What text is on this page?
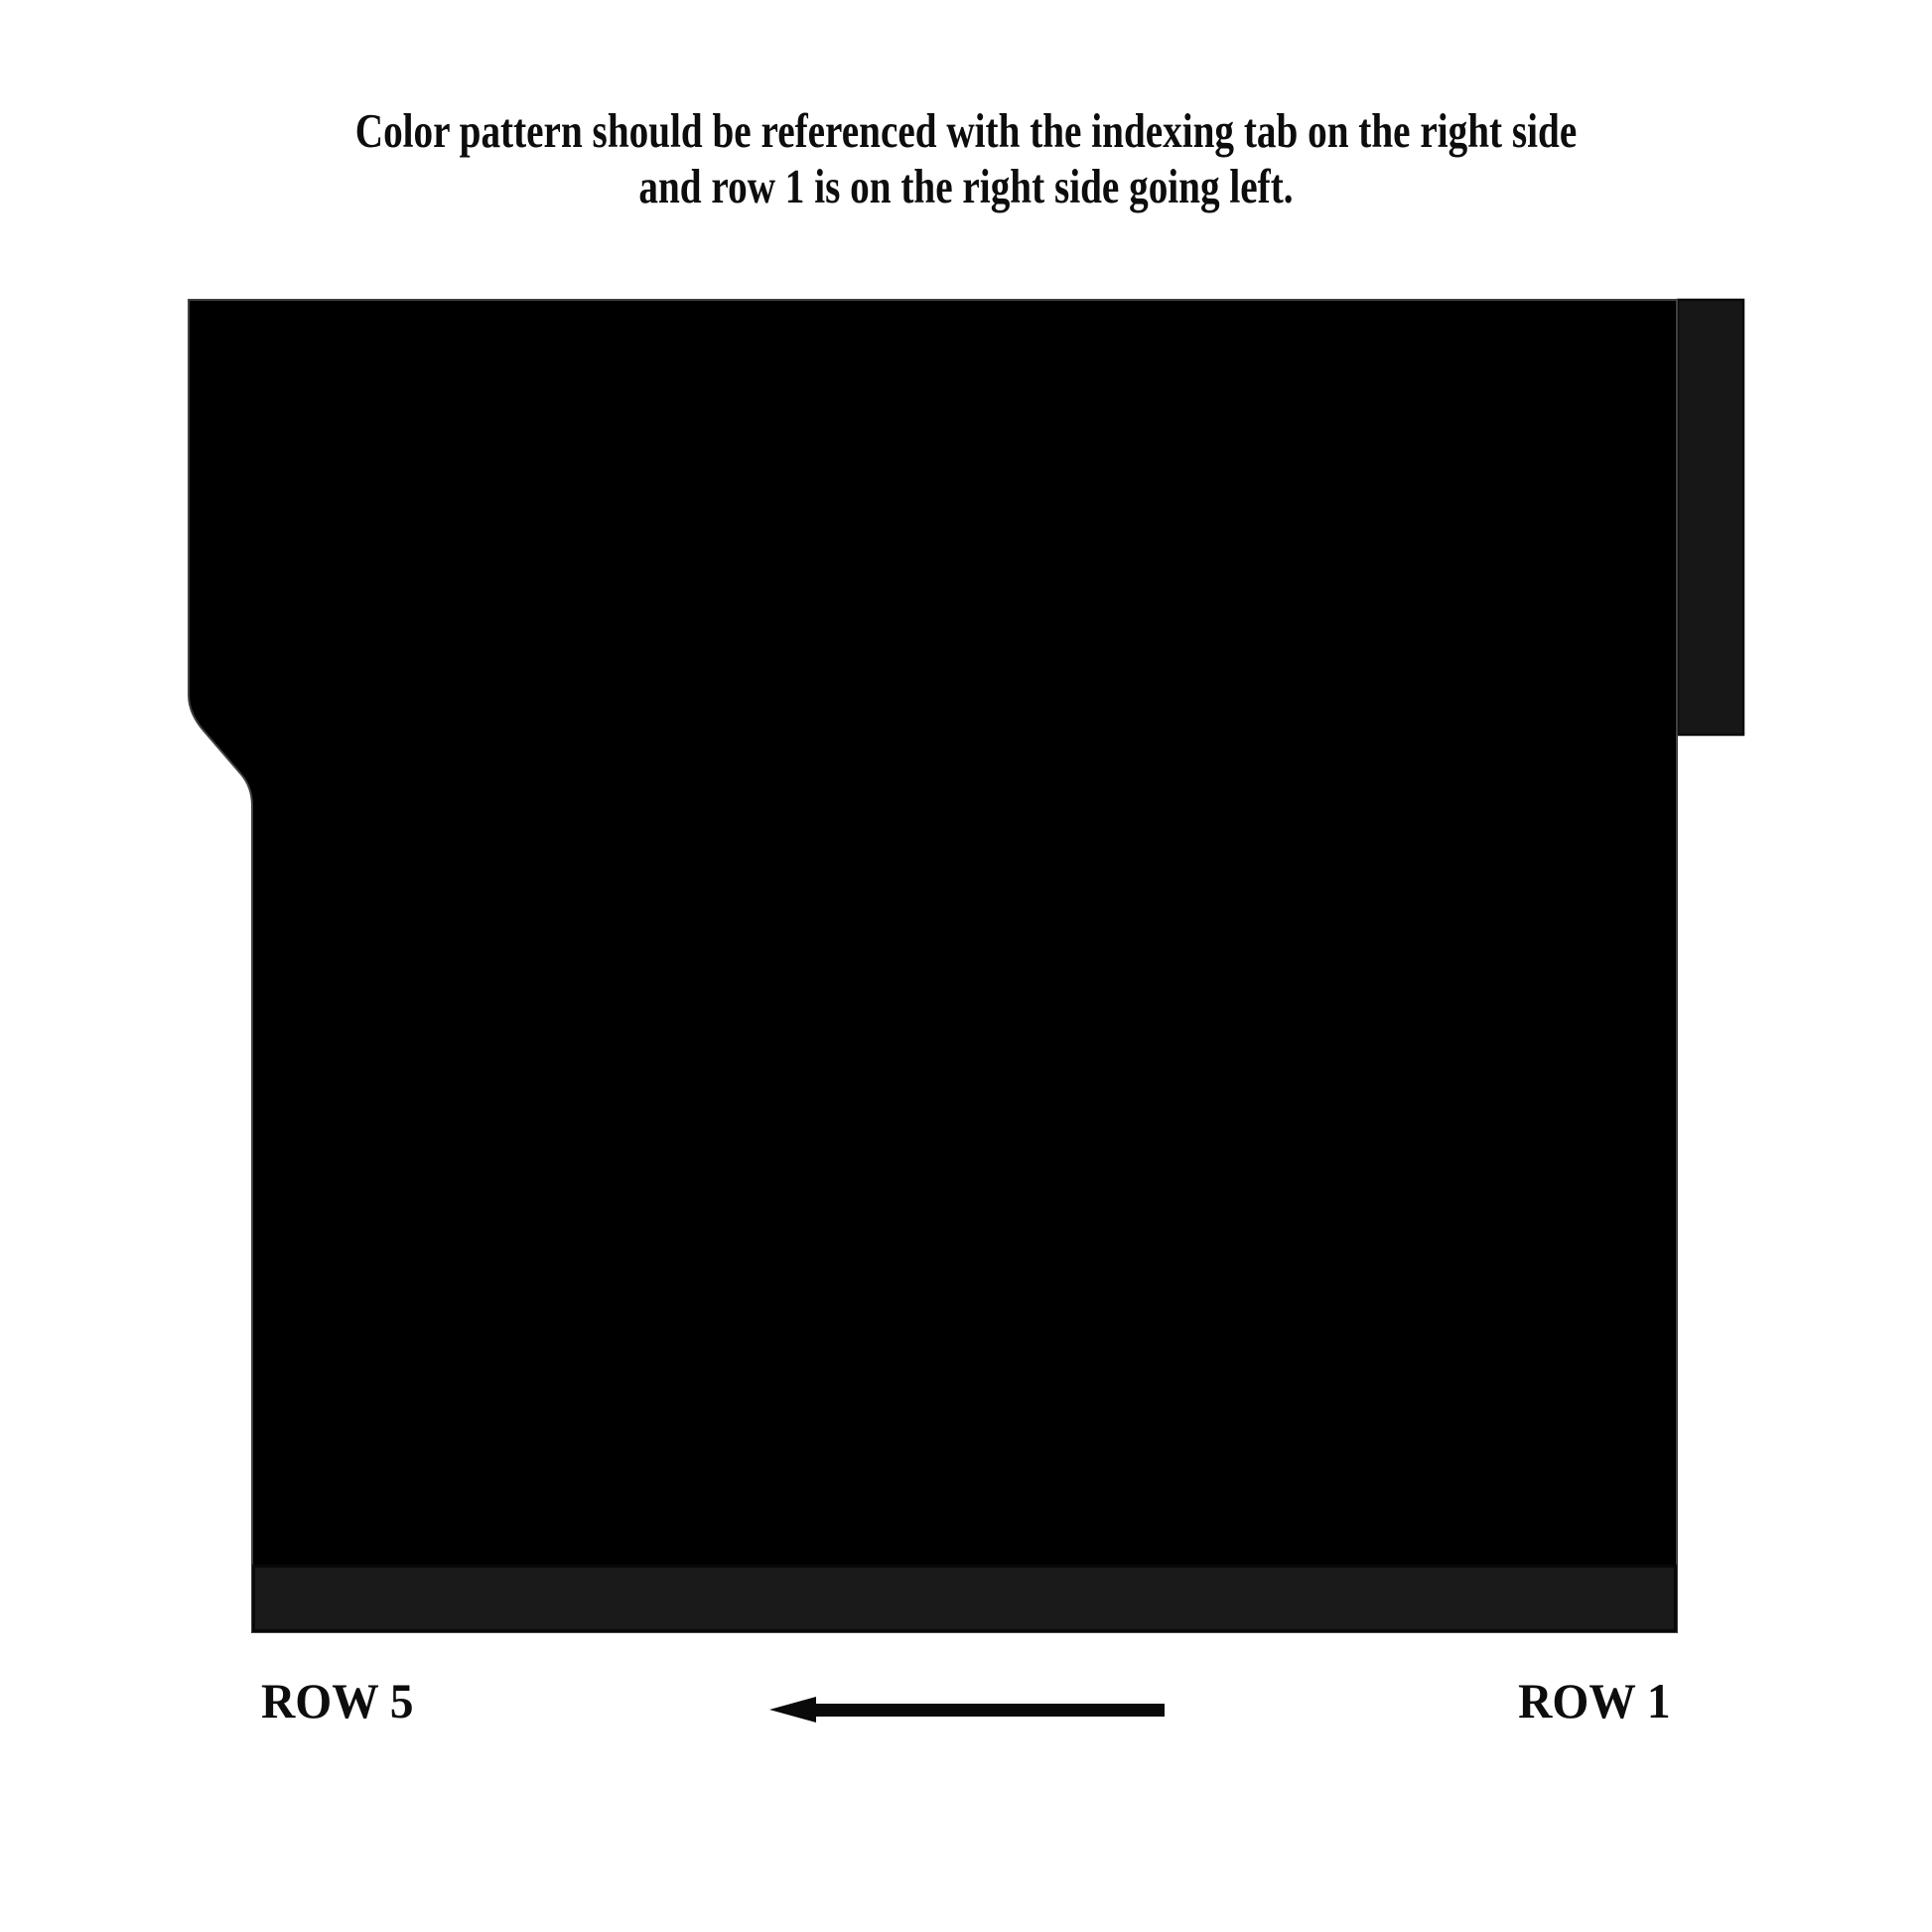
Color pattern should be referenced with the indexing tab on the right side
and row 1 is on the right side going left.
ROW 5	ROW 1
